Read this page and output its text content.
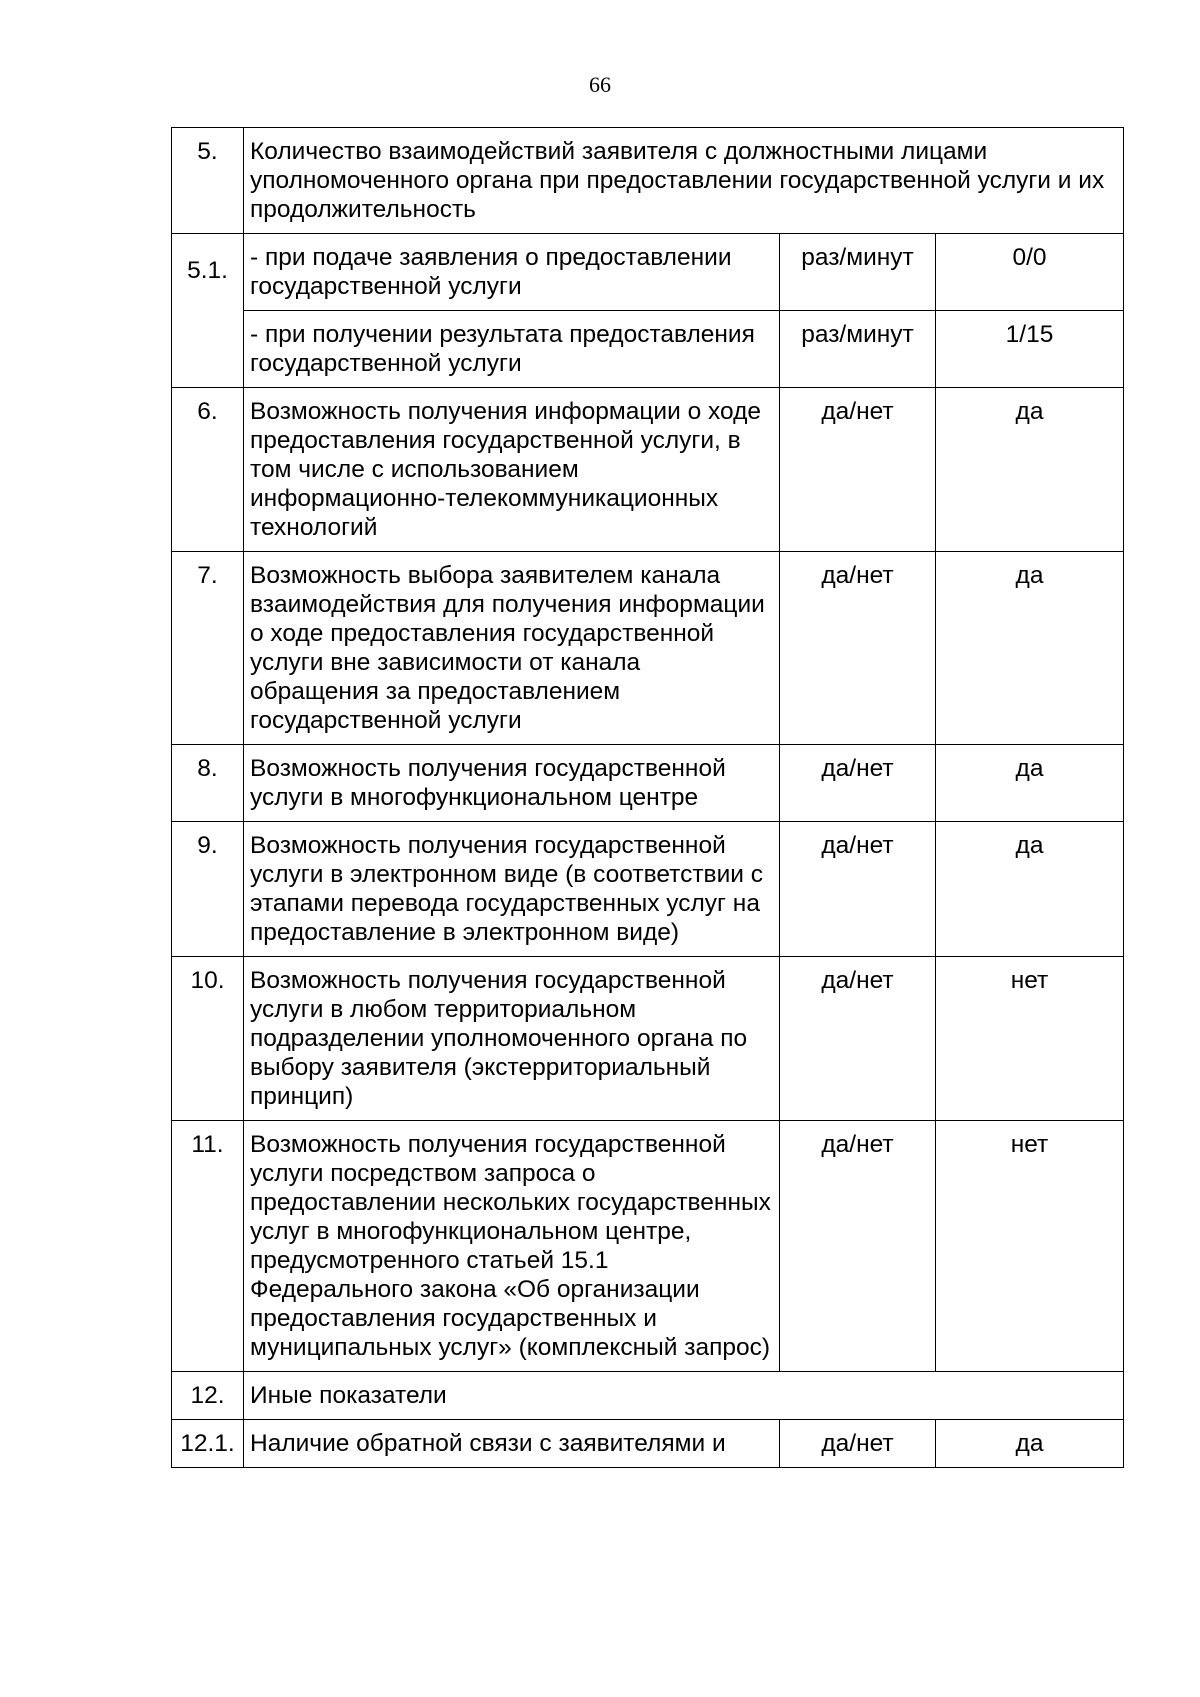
66
5.	Количество взаимодействий заявителя с должностными лицами уполномоченного органа при предоставлении государственной услуги и их продолжительность		
5.1.	- при подаче заявления о предоставлении государственной услуги	раз/минут	0/0
	- при получении результата предоставления государственной услуги	раз/минут	1/15
6.	Возможность получения информации о ходе предоставления государственной услуги, в том числе с использованием информационно-телекоммуникационных технологий	да/нет	да
7.	Возможность выбора заявителем канала взаимодействия для получения информации о ходе предоставления государственной услуги вне зависимости от канала обращения за предоставлением государственной услуги	да/нет	да
8.	Возможность получения государственной услуги в многофункциональном центре	да/нет	да
9.	Возможность получения государственной услуги в электронном виде (в соответствии с этапами перевода государственных услуг на предоставление в электронном виде)	да/нет	да
10.	Возможность получения государственной услуги в любом территориальном подразделении уполномоченного органа по выбору заявителя (экстерриториальный принцип)	да/нет	нет
11.	Возможность получения государственной услуги посредством запроса о предоставлении нескольких государственных услуг в многофункциональном центре, предусмотренного статьей 15.1 Федерального закона «Об организации предоставления государственных и муниципальных услуг» (комплексный запрос)	да/нет	нет
12.	Иные показатели		
12.1.	Наличие обратной связи с заявителями и	да/нет	да
